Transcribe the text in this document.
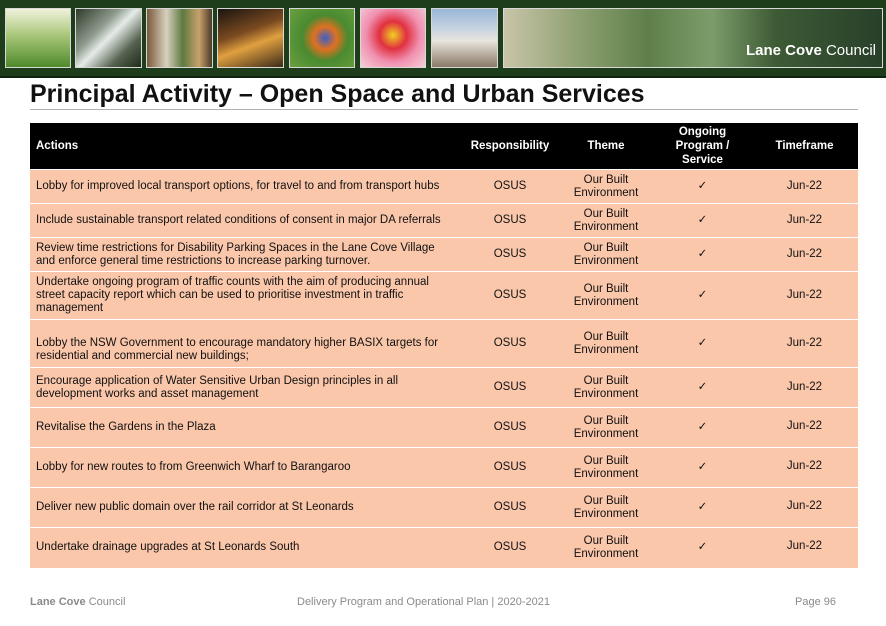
Lane Cove Council
Principal Activity – Open Space and Urban Services
Actions	Responsibility	Theme	Ongoing Program / Service	Timeframe
Lobby for improved local transport options, for travel to and from transport hubs	OSUS	Our Built Environment	✓	Jun-22
Include sustainable transport related conditions of consent in major DA referrals	OSUS	Our Built Environment	✓	Jun-22
Review time restrictions for Disability Parking Spaces in the Lane Cove Village and enforce general time restrictions to increase parking turnover.	OSUS	Our Built Environment	✓	Jun-22
Undertake ongoing program of traffic counts with the aim of producing annual street capacity report which can be used to prioritise investment in traffic management	OSUS	Our Built Environment	✓	Jun-22
Lobby the NSW Government to encourage mandatory higher BASIX targets for residential and commercial new buildings;	OSUS	Our Built Environment	✓	Jun-22
Encourage application of Water Sensitive Urban Design principles in all development works and asset management	OSUS	Our Built Environment	✓	Jun-22
Revitalise the Gardens in the Plaza	OSUS	Our Built Environment	✓	Jun-22
Lobby for new routes to from Greenwich Wharf to Barangaroo	OSUS	Our Built Environment	✓	Jun-22
Deliver new public domain over the rail corridor at St Leonards	OSUS	Our Built Environment	✓	Jun-22
Undertake drainage upgrades at St Leonards South	OSUS	Our Built Environment	✓	Jun-22
Lane Cove Council	Delivery Program and Operational Plan | 2020-2021	Page 96
